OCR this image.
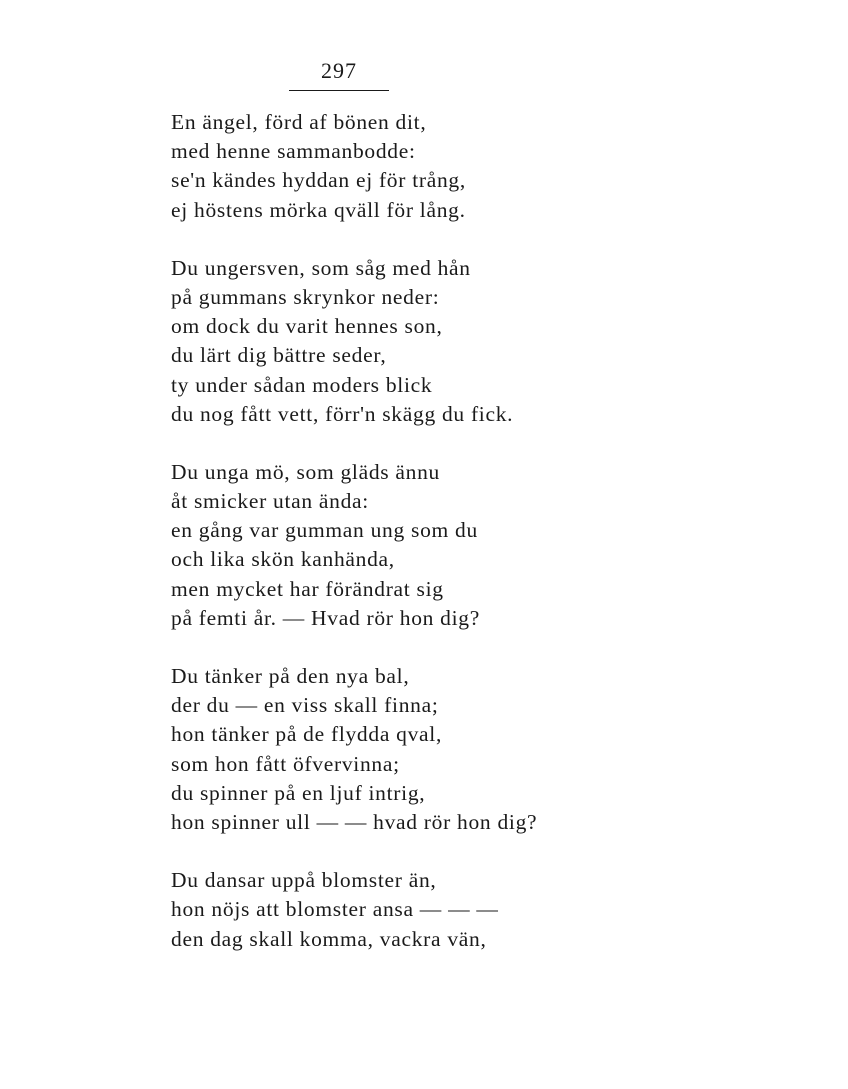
297
En ängel, förd af bönen dit,
med henne sammanbodde:
se'n kändes hyddan ej för trång,
ej höstens mörka qväll för lång.
Du ungersven, som såg med hån
på gummans skrynkor neder:
om dock du varit hennes son,
du lärt dig bättre seder,
ty under sådan moders blick
du nog fått vett, förr'n skägg du fick.
Du unga mö, som gläds ännu
åt smicker utan ända:
en gång var gumman ung som du
och lika skön kanhända,
men mycket har förändrat sig
på femti år. — Hvad rör hon dig?
Du tänker på den nya bal,
der du — en viss skall finna;
hon tänker på de flydda qval,
som hon fått öfvervinna;
du spinner på en ljuf intrig,
hon spinner ull — — hvad rör hon dig?
Du dansar uppå blomster än,
hon nöjs att blomster ansa — — —
den dag skall komma, vackra vän,
